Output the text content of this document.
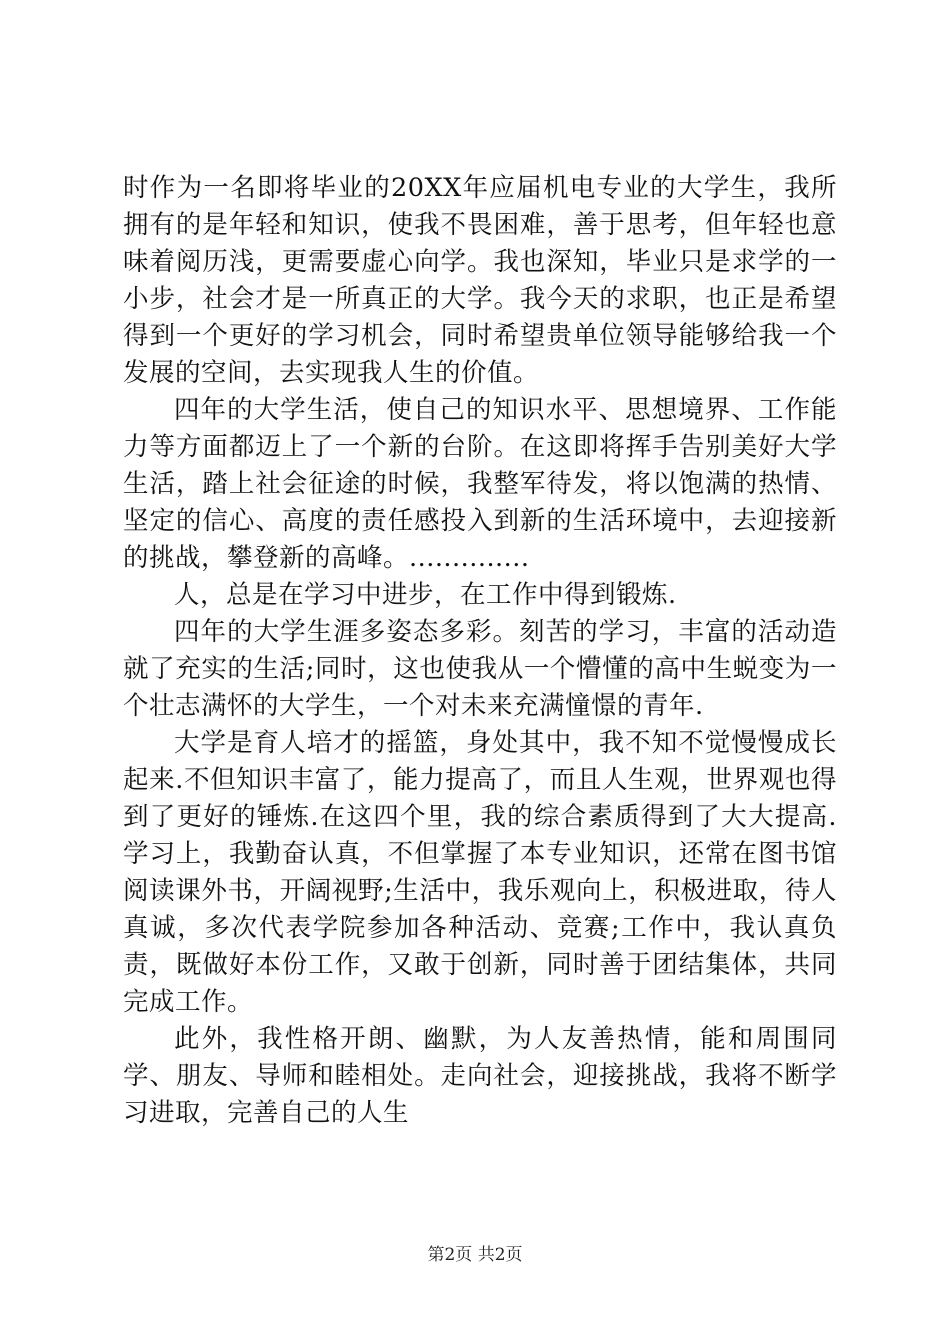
时作为一名即将毕业的20XX年应届机电专业的大学生，我所拥有的是年轻和知识，使我不畏困难，善于思考，但年轻也意味着阅历浅，更需要虚心向学。我也深知，毕业只是求学的一小步，社会才是一所真正的大学。我今天的求职，也正是希望得到一个更好的学习机会，同时希望贵单位领导能够给我一个发展的空间，去实现我人生的价值。

四年的大学生活，使自己的知识水平、思想境界、工作能力等方面都迈上了一个新的台阶。在这即将挥手告别美好大学生活，踏上社会征途的时候，我整军待发，将以饱满的热情、坚定的信心、高度的责任感投入到新的生活环境中，去迎接新的挑战，攀登新的高峰。..............

人，总是在学习中进步，在工作中得到锻炼.

四年的大学生涯多姿态多彩。刻苦的学习，丰富的活动造就了充实的生活;同时，这也使我从一个懵懂的高中生蜕变为一个壮志满怀的大学生，一个对未来充满憧憬的青年.

大学是育人培才的摇篮，身处其中，我不知不觉慢慢成长起来.不但知识丰富了，能力提高了，而且人生观，世界观也得到了更好的锤炼.在这四个里，我的综合素质得到了大大提高.学习上，我勤奋认真，不但掌握了本专业知识，还常在图书馆阅读课外书，开阔视野;生活中，我乐观向上，积极进取，待人真诚，多次代表学院参加各种活动、竞赛;工作中，我认真负责，既做好本份工作，又敢于创新，同时善于团结集体，共同完成工作。

此外，我性格开朗、幽默，为人友善热情，能和周围同学、朋友、导师和睦相处。走向社会，迎接挑战，我将不断学习进取，完善自己的人生

第2页 共2页
